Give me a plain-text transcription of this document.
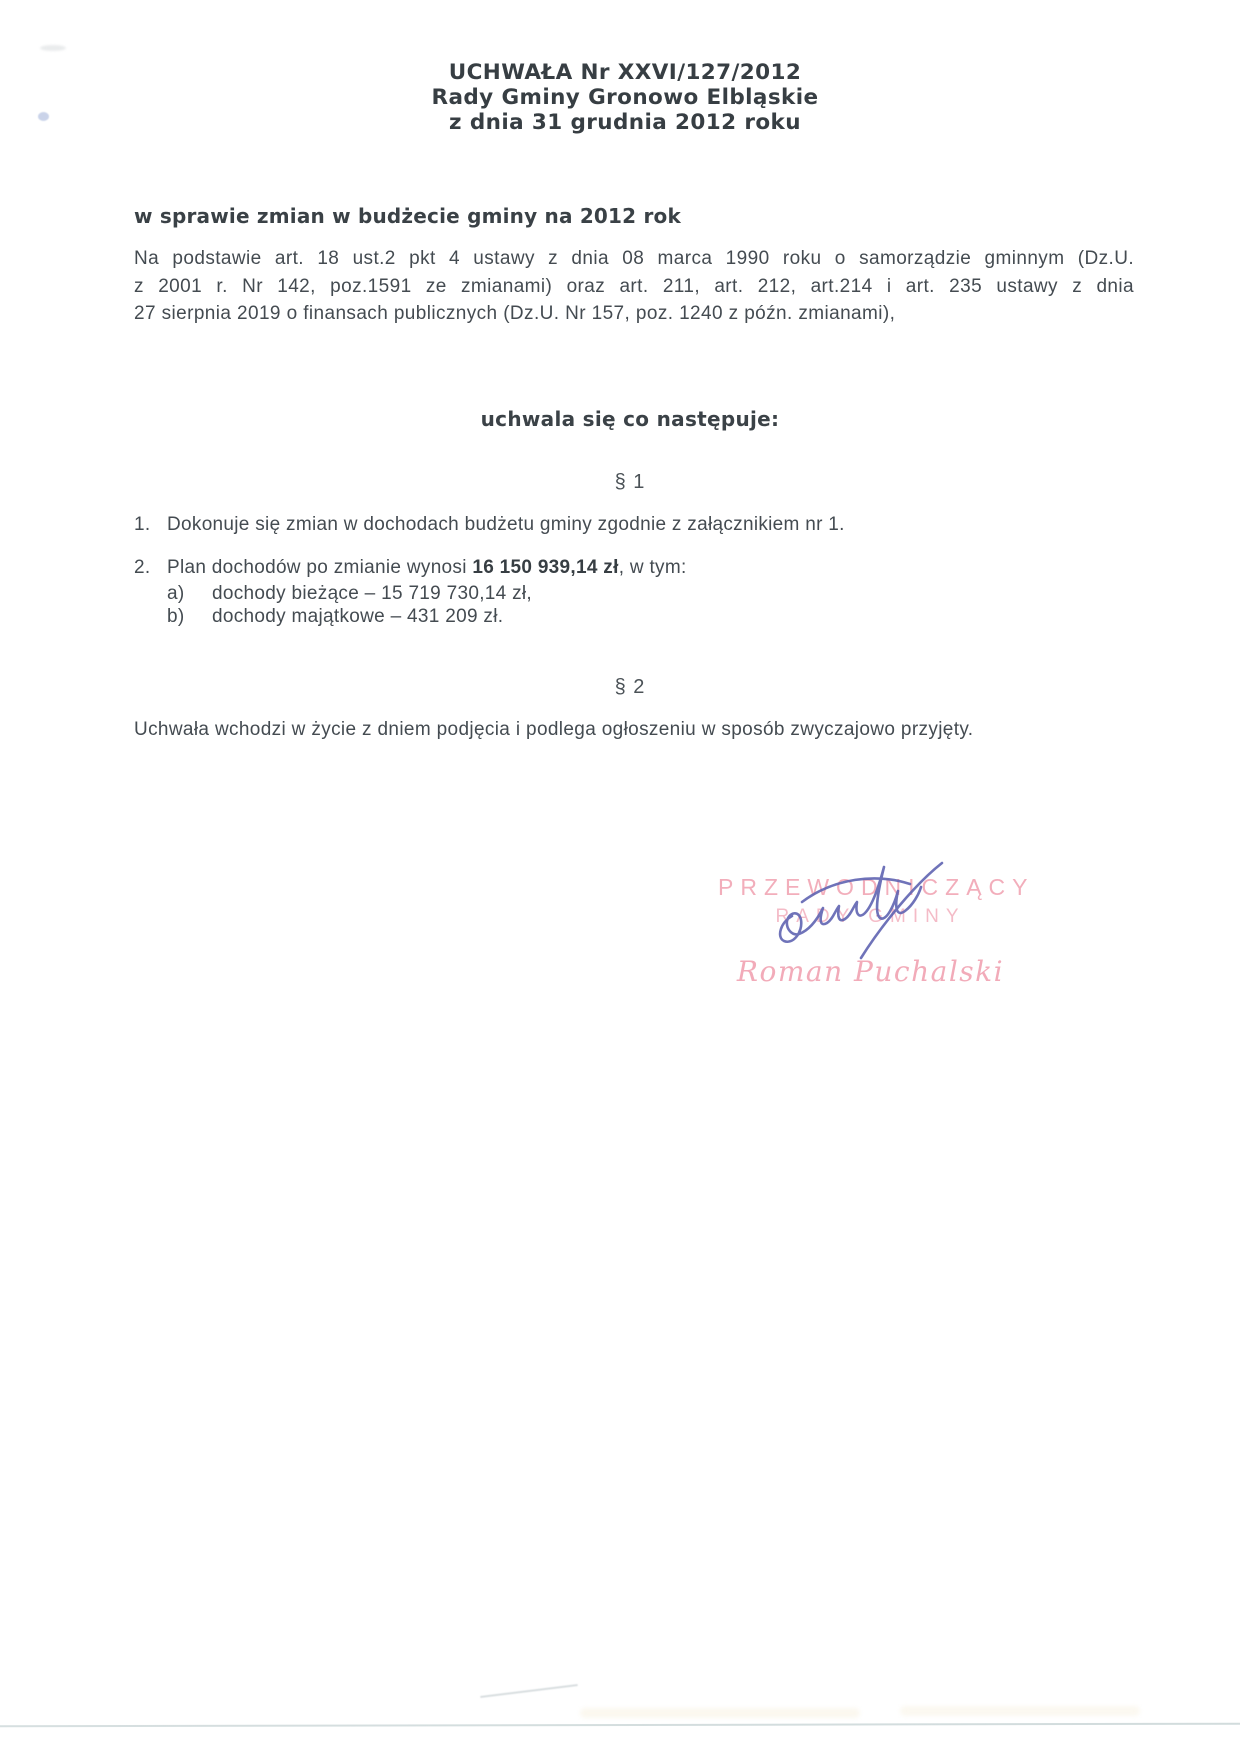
UCHWAŁA Nr XXVI/127/2012
Rady Gminy Gronowo Elbląskie
z dnia 31 grudnia 2012 roku
w sprawie zmian w budżecie gminy na 2012 rok
Na podstawie art. 18 ust.2 pkt 4 ustawy z dnia 08 marca 1990 roku o samorządzie gminnym (Dz.U.
z 2001 r. Nr 142, poz.1591 ze zmianami) oraz art. 211, art. 212, art.214 i art. 235 ustawy z dnia
27 sierpnia 2019 o finansach publicznych (Dz.U. Nr 157, poz. 1240 z późn. zmianami),
uchwala się co następuje:
§ 1
1. Dokonuje się zmian w dochodach budżetu gminy zgodnie z załącznikiem nr 1.
2. Plan dochodów po zmianie wynosi 16 150 939,14 zł, w tym:
a)	dochody bieżące – 15 719 730,14 zł,
b)	dochody majątkowe – 431 209 zł.
§ 2
Uchwała wchodzi w życie z dniem podjęcia i podlega ogłoszeniu w sposób zwyczajowo przyjęty.
PRZEWODNICZĄCY
RADY GMINY
Roman Puchalski
